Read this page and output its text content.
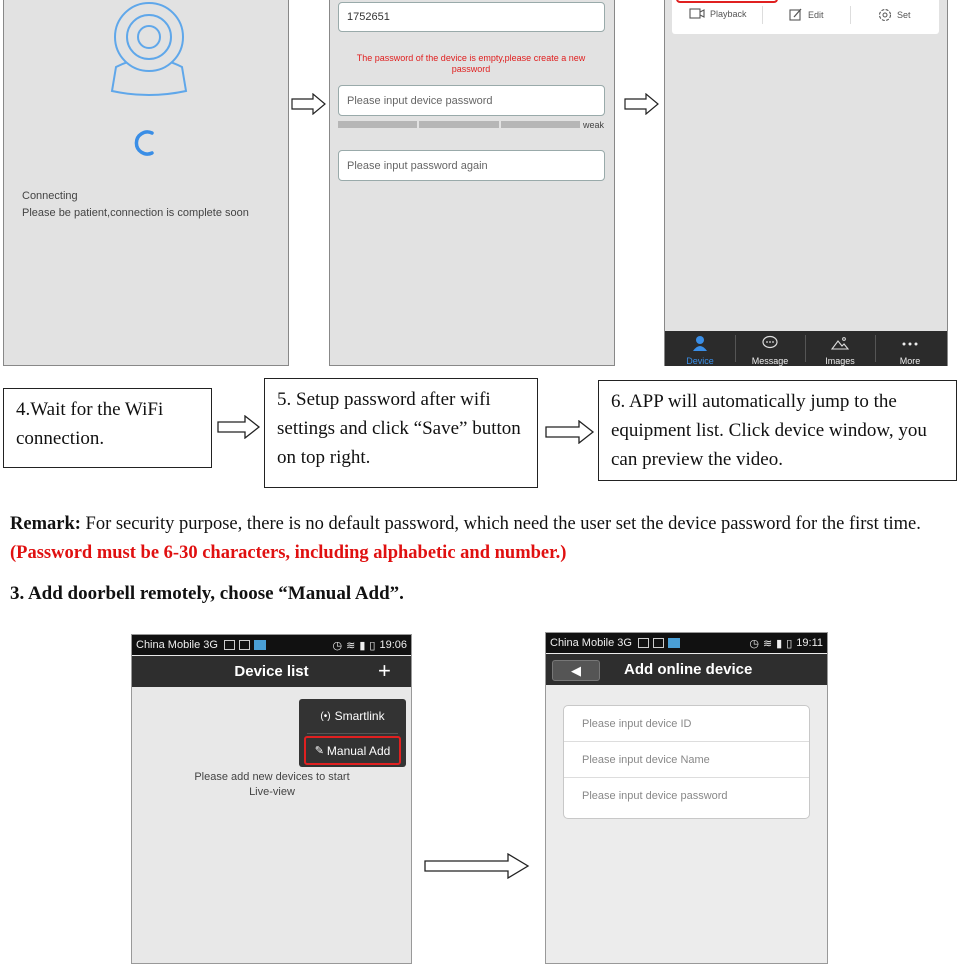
Connecting
Please be patient,connection is complete soon
1752651
The password of the device is empty,please create a new password
Please input device password
weak
Please input password again
Playback	Edit	Set
Device	Message	Images	More
4.Wait for the WiFi connection.
5. Setup password after wifi settings and click “Save” button on top right.
6. APP will automatically jump to the equipment list. Click device window, you can preview the video.
Remark: For security purpose, there is no default password, which need the user set the device password for the first time. (Password must be 6-30 characters, including alphabetic and number.)
3. Add doorbell remotely, choose “Manual Add”.
China Mobile 3G	◷ ≋ ▮ ▯ 19:06
Device list	+
(•) Smartlink
✎ Manual Add
Please add new devices to start
Live-view
China Mobile 3G	◷ ≋ ▮ ▯ 19:11
Add online device
◀
Please input device ID
Please input device Name
Please input device password
